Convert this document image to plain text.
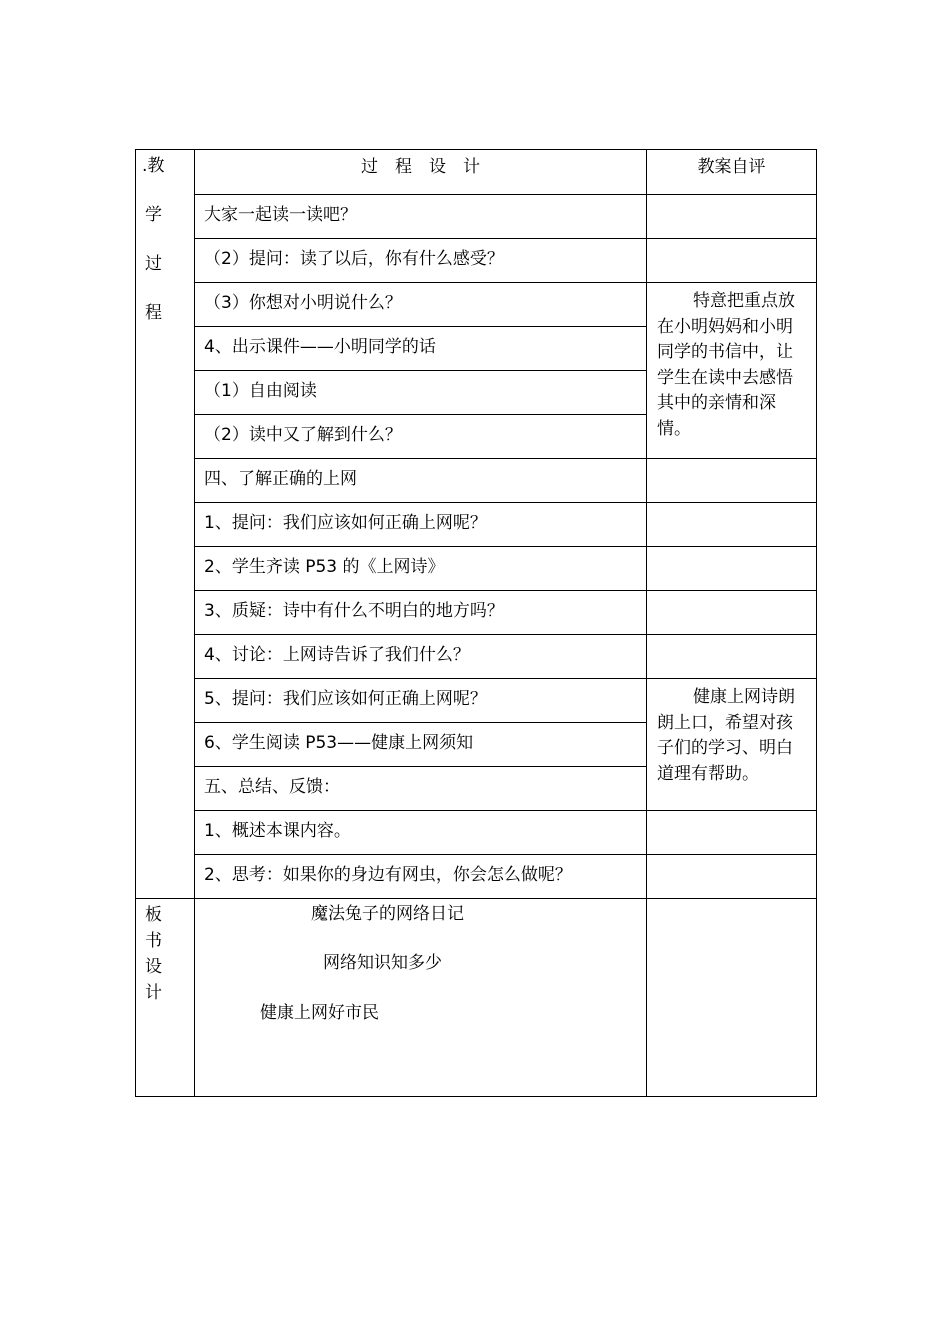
.教
学
过
程	过　程　设　计	教案自评
	大家一起读一读吧？	
	（2）提问：读了以后，你有什么感受？	
	（3）你想对小明说什么？	特意把重点放在小明妈妈和小明同学的书信中，让学生在读中去感悟其中的亲情和深情。
	4、出示课件——小明同学的话	
	（1）自由阅读	
	（2）读中又了解到什么？	
	四、了解正确的上网	
	1、提问：我们应该如何正确上网呢？	
	2、学生齐读 P53 的《上网诗》	
	3、质疑：诗中有什么不明白的地方吗？	
	4、讨论：上网诗告诉了我们什么？	
	5、提问：我们应该如何正确上网呢？	健康上网诗朗朗上口，希望对孩子们的学习、明白道理有帮助。
	6、学生阅读 P53——健康上网须知	
	五、总结、反馈：	
	1、概述本课内容。	
	2、思考：如果你的身边有网虫，你会怎么做呢？	

板
书
设
计	魔法兔子的网络日记
网络知识知多少
健康上网好市民	
